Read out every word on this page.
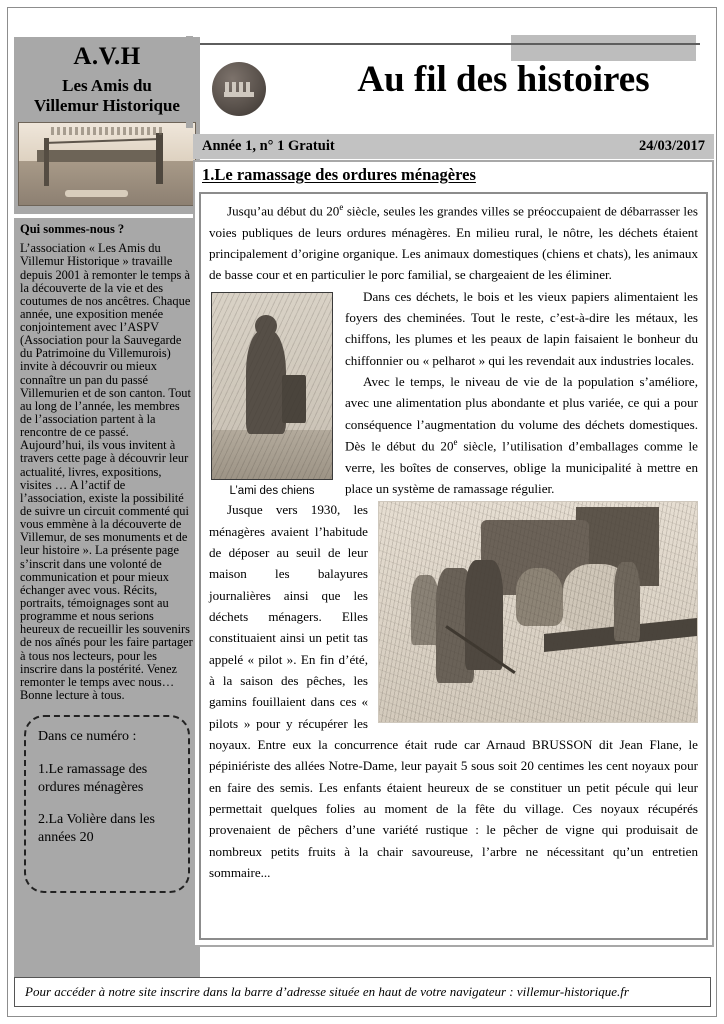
A.V.H
Les Amis du
Villemur Historique
Qui sommes-nous ?

L’association « Les Amis du Villemur Historique » travaille depuis 2001 à remonter le temps à la découverte de la vie et des coutumes de nos ancêtres. Chaque année, une exposition menée conjointement avec l’ASPV (Association pour la Sauvegarde du Patrimoine du Villemurois) invite à découvrir ou mieux connaître un pan du passé Villemurien et de son canton. Tout au long de l’année, les membres de l’association partent à la rencontre de ce passé. Aujourd’hui, ils vous invitent à travers cette page à découvrir leur actualité, livres, expositions, visites … A l’actif de l’association, existe la possibilité de suivre un circuit commenté qui vous emmène à la découverte de Villemur, de ses monuments et de leur histoire ». La présente page s’inscrit dans une volonté de communication et pour mieux échanger avec vous. Récits, portraits, témoignages sont au programme et nous serions heureux de recueillir les souvenirs de nos aînés pour les faire partager à tous nos lecteurs, pour les inscrire dans la postérité. Venez remonter le temps avec nous… Bonne lecture à tous.

Dans ce numéro :
1.Le ramassage des ordures ménagères
2.La Volière dans les années 20
Au fil des histoires
Année 1, n° 1 Gratuit	24/03/2017
1.Le ramassage des ordures ménagères

Jusqu’au début du 20e siècle, seules les grandes villes se préoccupaient de débarrasser les voies publiques de leurs ordures ménagères. En milieu rural, le nôtre, les déchets étaient principalement d’origine organique. Les animaux domestiques (chiens et chats), les animaux de basse cour et en particulier le porc familial, se chargeaient de les éliminer.

L’ami des chiens

Dans ces déchets, le bois et les vieux papiers alimentaient les foyers des cheminées. Tout le reste, c’est-à-dire les métaux, les chiffons, les plumes et les peaux de lapin faisaient le bonheur du chiffonnier ou « pelharot » qui les revendait aux industries locales.

Avec le temps, le niveau de vie de la population s’améliore, avec une alimentation plus abondante et plus variée, ce qui a pour conséquence l’augmentation du volume des déchets domestiques. Dès le début du 20e siècle, l’utilisation d’emballages comme le verre, les boîtes de conserves, oblige la municipalité à mettre en place un système de ramassage régulier.

Jusque vers 1930, les ménagères avaient l’habitude de déposer au seuil de leur maison les balayures journalières ainsi que les déchets ménagers. Elles constituaient ainsi un petit tas appelé « pilot ». En fin d’été, à la saison des pêches, les gamins fouillaient dans ces « pilots » pour y récupérer les noyaux. Entre eux la concurrence était rude car Arnaud BRUSSON dit Jean Flane, le pépiniériste des allées Notre-Dame, leur payait 5 sous soit 20 centimes les cent noyaux pour en faire des semis. Les enfants étaient heureux de se constituer un petit pécule qui leur permettait quelques folies au moment de la fête du village. Ces noyaux récupérés provenaient de pêchers d’une variété rustique : le pêcher de vigne qui produisait de nombreux petits fruits à la chair savoureuse, l’arbre ne nécessitant qu’un entretien sommaire...

Pour accéder à notre site inscrire dans la barre d’adresse située en haut de votre navigateur : villemur-historique.fr
